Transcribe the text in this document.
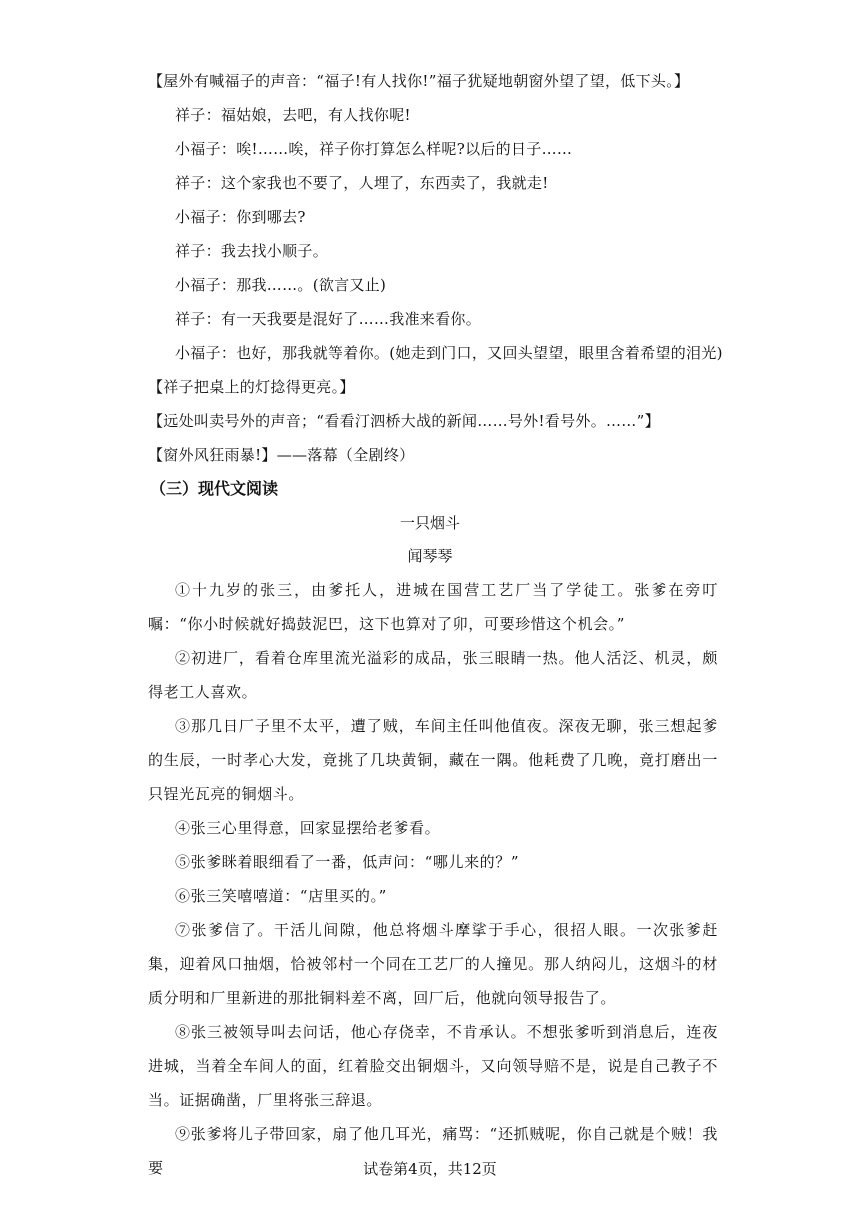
【屋外有喊福子的声音：“福子!有人找你!”福子犹疑地朝窗外望了望，低下头。】
祥子：福姑娘，去吧，有人找你呢!
小福子：唉!……唉，祥子你打算怎么样呢?以后的日子……
祥子：这个家我也不要了，人埋了，东西卖了，我就走!
小福子：你到哪去?
祥子：我去找小顺子。
小福子：那我……。(欲言又止)
祥子：有一天我要是混好了……我准来看你。
小福子：也好，那我就等着你。(她走到门口，又回头望望，眼里含着希望的泪光)
【祥子把桌上的灯捻得更亮。】
【远处叫卖号外的声音；“看看汀泗桥大战的新闻……号外!看号外。……”】
【窗外风狂雨暴!】——落幕（全剧终）
（三）现代文阅读
一只烟斗
闻琴琴
①十九岁的张三，由爹托人，进城在国营工艺厂当了学徒工。张爹在旁叮嘱：“你小时候就好捣鼓泥巴，这下也算对了卯，可要珍惜这个机会。”
②初进厂，看着仓库里流光溢彩的成品，张三眼睛一热。他人活泛、机灵，颇得老工人喜欢。
③那几日厂子里不太平，遭了贼，车间主任叫他值夜。深夜无聊，张三想起爹的生辰，一时孝心大发，竟挑了几块黄铜，藏在一隅。他耗费了几晚，竟打磨出一只锃光瓦亮的铜烟斗。
④张三心里得意，回家显摆给老爹看。
⑤张爹眯着眼细看了一番，低声问：“哪儿来的？”
⑥张三笑嘻嘻道：“店里买的。”
⑦张爹信了。干活儿间隙，他总将烟斗摩挲于手心，很招人眼。一次张爹赶集，迎着风口抽烟，恰被邻村一个同在工艺厂的人撞见。那人纳闷儿，这烟斗的材质分明和厂里新进的那批铜料差不离，回厂后，他就向领导报告了。
⑧张三被领导叫去问话，他心存侥幸，不肯承认。不想张爹听到消息后，连夜进城，当着全车间人的面，红着脸交出铜烟斗，又向领导赔不是，说是自己教子不当。证据确凿，厂里将张三辞退。
⑨张爹将儿子带回家，扇了他几耳光，痛骂：“还抓贼呢，你自己就是个贼！我要	试卷第4页，共12页
